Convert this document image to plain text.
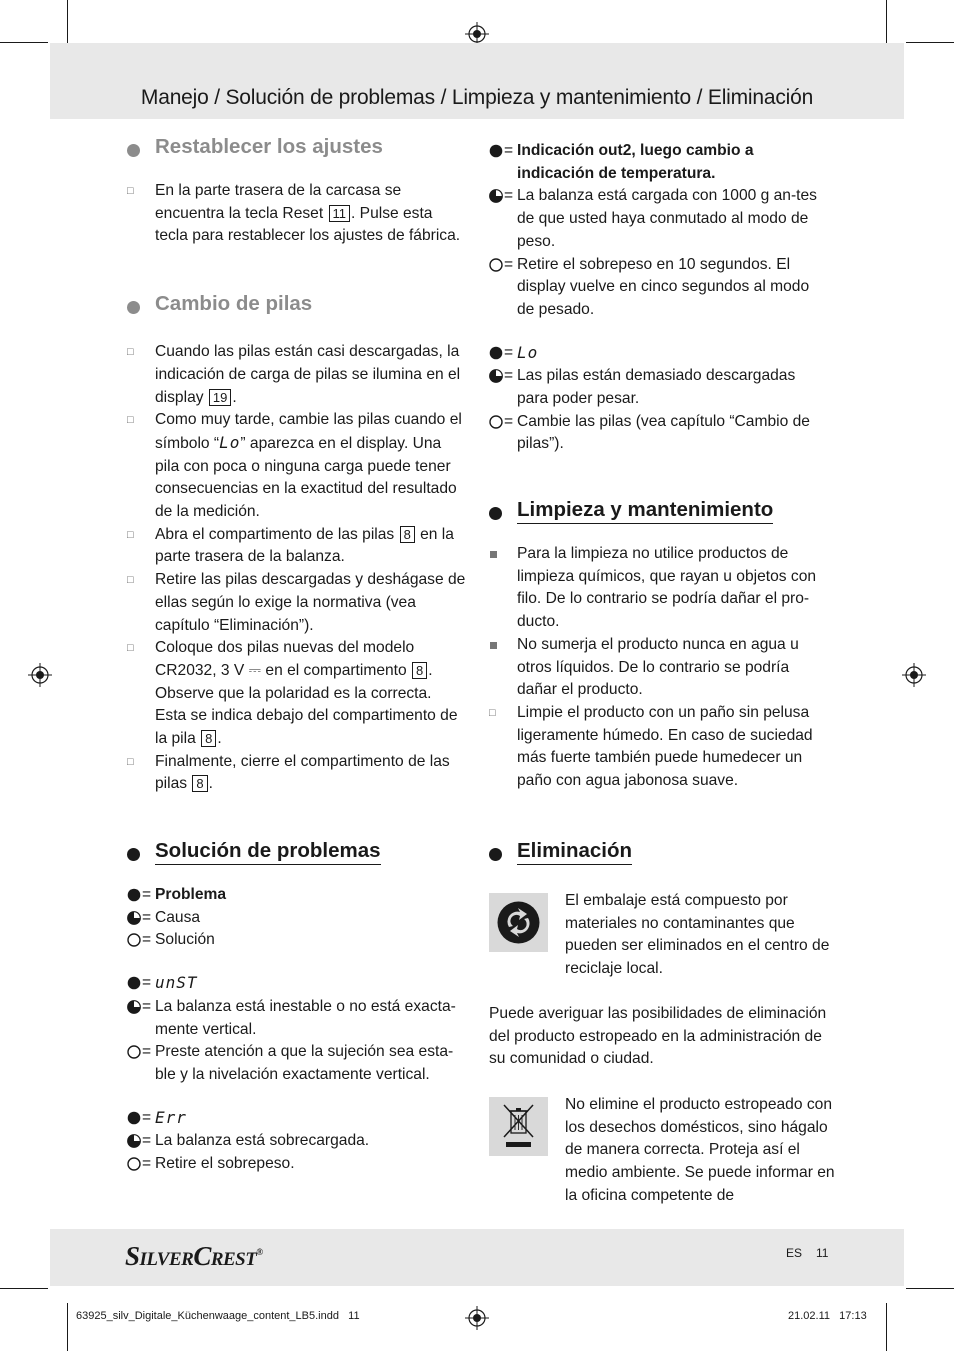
Manejo / Solución de problemas / Limpieza y mantenimiento / Eliminación
Restablecer los ajustes
□ En la parte trasera de la carcasa se encuentra la tecla Reset 11 . Pulse esta tecla para restablecer los ajustes de fábrica.
Cambio de pilas
□ Cuando las pilas están casi descargadas, la indicación de carga de pilas se ilumina en el display 19 .
□ Como muy tarde, cambie las pilas cuando el símbolo “Lo” aparezca en el display. Una pila con poca o ninguna carga puede tener consecuencias en la exactitud del resultado de la medición.
□ Abra el compartimento de las pilas 8 en la parte trasera de la balanza.
□ Retire las pilas descargadas y deshágase de ellas según lo exige la normativa (vea capítulo “Eliminación”).
□ Coloque dos pilas nuevas del modelo CR2032, 3 V ⎓ en el compartimento 8 . Observe que la polaridad es la correcta. Esta se indica debajo del compartimento de la pila 8 .
□ Finalmente, cierre el compartimento de las pilas 8 .
Solución de problemas
= Problema
= Causa
= Solución
= unST
= La balanza está inestable o no está exacta-mente vertical.
= Preste atención a que la sujeción sea esta-ble y la nivelación exactamente vertical.
= Err
= La balanza está sobrecargada.
= Retire el sobrepeso.
= Indicación out2, luego cambio a indicación de temperatura.
= La balanza está cargada con 1000 g an-tes de que usted haya conmutado al modo de peso.
= Retire el sobrepeso en 10 segundos. El display vuelve en cinco segundos al modo de pesado.
= Lo
= Las pilas están demasiado descargadas para poder pesar.
= Cambie las pilas (vea capítulo “Cambio de pilas”).
Limpieza y mantenimiento
Para la limpieza no utilice productos de limpieza químicos, que rayan u objetos con filo. De lo contrario se podría dañar el pro-ducto.
No sumerja el producto nunca en agua u otros líquidos. De lo contrario se podría dañar el producto.
□ Limpie el producto con un paño sin pelusa ligeramente húmedo. En caso de suciedad más fuerte también puede humedecer un paño con agua jabonosa suave.
Eliminación
El embalaje está compuesto por materiales no contaminantes que pueden ser eliminados en el centro de reciclaje local.
Puede averiguar las posibilidades de eliminación del producto estropeado en la administración de su comunidad o ciudad.
No elimine el producto estropeado con los desechos domésticos, sino hágalo de manera correcta. Proteja así el medio ambiente. Se puede informar en la oficina competente de
SilverCrest®	ES 11
63925_silv_Digitale_Küchenwaage_content_LB5.indd   11	21.02.11   17:13
